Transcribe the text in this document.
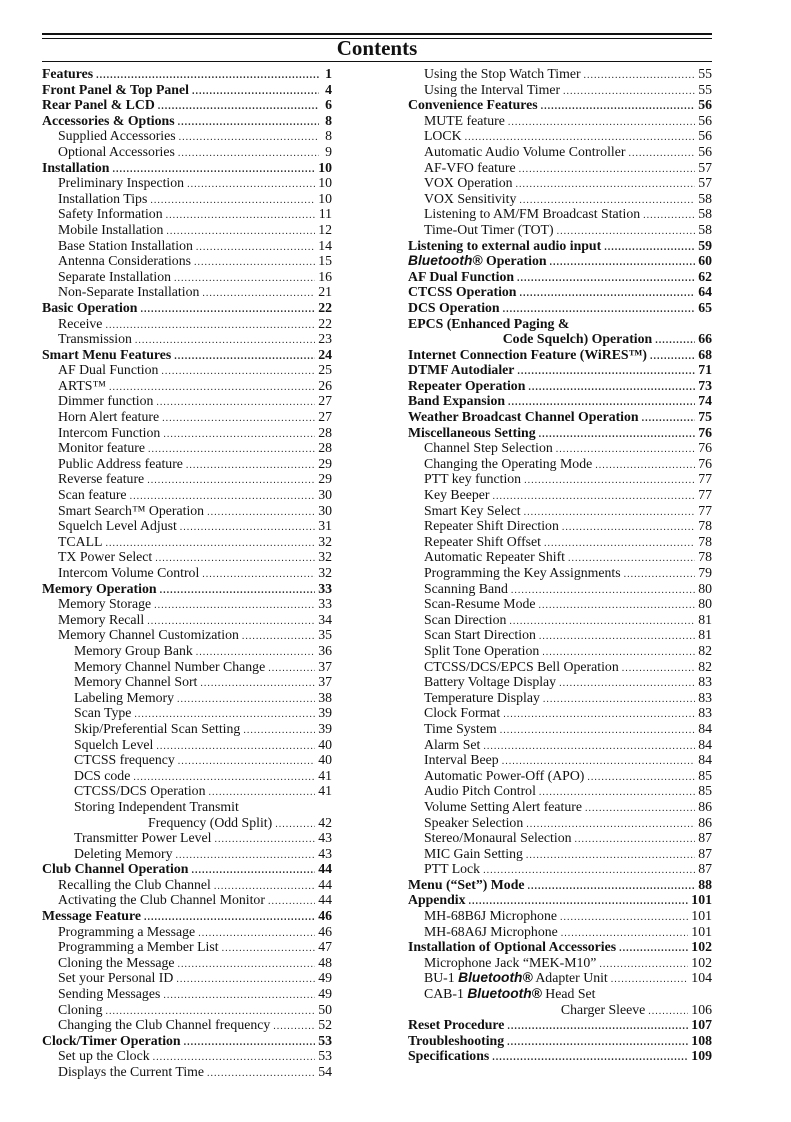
Contents
Features .....	1
Front Panel & Top Panel .....	4
Rear Panel & LCD .....	6
Accessories & Options .....	8
Supplied Accessories .....	8
Optional Accessories .....	9
Installation .....	10
Preliminary Inspection .....	10
Installation Tips .....	10
Safety Information .....	11
Mobile Installation .....	12
Base Station Installation .....	14
Antenna Considerations .....	15
Separate Installation .....	16
Non-Separate Installation .....	21
Basic Operation .....	22
Receive .....	22
Transmission .....	23
Smart Menu Features .....	24
AF Dual Function .....	25
ARTS™ .....	26
Dimmer function .....	27
Horn Alert feature .....	27
Intercom Function .....	28
Monitor feature .....	28
Public Address feature .....	29
Reverse feature .....	29
Scan feature .....	30
Smart Search™ Operation .....	30
Squelch Level Adjust .....	31
TCALL .....	32
TX Power Select .....	32
Intercom Volume Control .....	32
Memory Operation .....	33
Memory Storage .....	33
Memory Recall .....	34
Memory Channel Customization .....	35
Memory Group Bank .....	36
Memory Channel Number Change .....	37
Memory Channel Sort .....	37
Labeling Memory .....	38
Scan Type .....	39
Skip/Preferential Scan Setting .....	39
Squelch Level .....	40
CTCSS frequency .....	40
DCS code .....	41
CTCSS/DCS Operation .....	41
Storing Independent Transmit
Frequency (Odd Split) .....	42
Transmitter Power Level .....	43
Deleting Memory .....	43
Club Channel Operation .....	44
Recalling the Club Channel .....	44
Activating the Club Channel Monitor .....	44
Message Feature .....	46
Programming a Message .....	46
Programming a Member List .....	47
Cloning the Message .....	48
Set your Personal ID .....	49
Sending Messages .....	49
Cloning .....	50
Changing the Club Channel frequency .....	52
Clock/Timer Operation .....	53
Set up the Clock .....	53
Displays the Current Time .....	54
Using the Stop Watch Timer .....	55
Using the Interval Timer .....	55
Convenience Features .....	56
MUTE feature .....	56
LOCK .....	56
Automatic Audio Volume Controller .....	56
AF-VFO feature .....	57
VOX Operation .....	57
VOX Sensitivity .....	58
Listening to AM/FM Broadcast Station .....	58
Time-Out Timer (TOT) .....	58
Listening to external audio input .....	59
Bluetooth® Operation .....	60
AF Dual Function .....	62
CTCSS Operation .....	64
DCS Operation .....	65
EPCS (Enhanced Paging &
Code Squelch) Operation .....	66
Internet Connection Feature (WiRES™) .....	68
DTMF Autodialer .....	71
Repeater Operation .....	73
Band Expansion .....	74
Weather Broadcast Channel Operation .....	75
Miscellaneous Setting .....	76
Channel Step Selection .....	76
Changing the Operating Mode .....	76
PTT key function .....	77
Key Beeper .....	77
Smart Key Select .....	77
Repeater Shift Direction .....	78
Repeater Shift Offset .....	78
Automatic Repeater Shift .....	78
Programming the Key Assignments .....	79
Scanning Band .....	80
Scan-Resume Mode .....	80
Scan Direction .....	81
Scan Start Direction .....	81
Split Tone Operation .....	82
CTCSS/DCS/EPCS Bell Operation .....	82
Battery Voltage Display .....	83
Temperature Display .....	83
Clock Format .....	83
Time System .....	84
Alarm Set .....	84
Interval Beep .....	84
Automatic Power-Off (APO) .....	85
Audio Pitch Control .....	85
Volume Setting Alert feature .....	86
Speaker Selection .....	86
Stereo/Monaural Selection .....	87
MIC Gain Setting .....	87
PTT Lock .....	87
Menu (“Set”) Mode .....	88
Appendix .....	101
MH-68B6J Microphone .....	101
MH-68A6J Microphone .....	101
Installation of Optional Accessories .....	102
Microphone Jack “MEK-M10” .....	102
BU-1 Bluetooth® Adapter Unit .....	104
CAB-1 Bluetooth® Head Set
Charger Sleeve .....	106
Reset Procedure .....	107
Troubleshooting .....	108
Specifications .....	109
